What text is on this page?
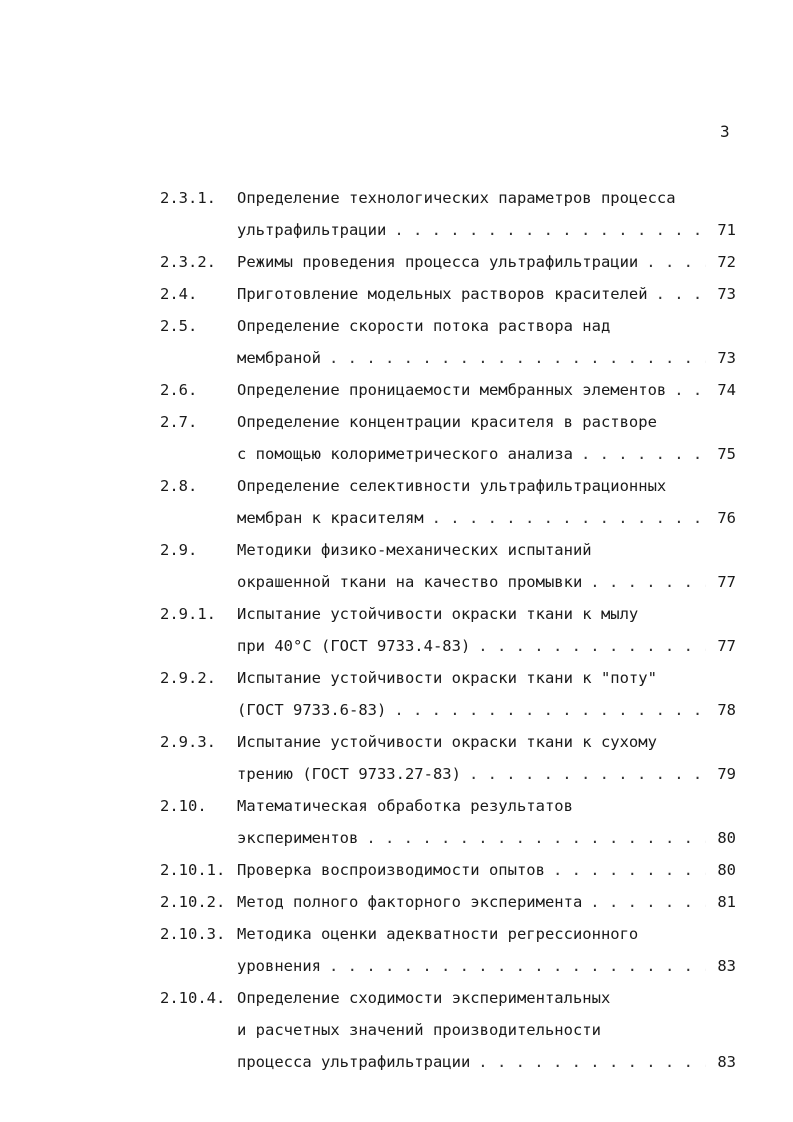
3
2.3.1.	Определение технологических параметров процесса
ультрафильтрации . . .	71
2.3.2.	Режимы проведения процесса ультрафильтрации . . .	72
2.4.	Приготовление модельных растворов красителей . . .	73
2.5.	Определение скорости потока раствора над
мембраной . . .	73
2.6.	Определение проницаемости мембранных элементов . . .	74
2.7.	Определение концентрации красителя в растворе
с помощью колориметрического анализа . . .	75
2.8.	Определение селективности ультрафильтрационных
мембран к красителям . . .	76
2.9.	Методики физико-механических испытаний
окрашенной ткани на качество промывки . . .	77
2.9.1.	Испытание устойчивости окраски ткани к мылу
при 40°С (ГОСТ 9733.4-83) . . .	77
2.9.2.	Испытание устойчивости окраски ткани к "поту"
(ГОСТ 9733.6-83) . . .	78
2.9.3.	Испытание устойчивости окраски ткани к сухому
трению (ГОСТ 9733.27-83) . . .	79
2.10.	Математическая обработка результатов
экспериментов . . .	80
2.10.1. Проверка воспроизводимости опытов . . .	80
2.10.2. Метод полного факторного эксперимента . . .	81
2.10.3. Методика оценки адекватности регрессионного
уровнения . . .	83
2.10.4. Определение сходимости экспериментальных
и расчетных значений производительности
процесса ультрафильтрации . . .	83
